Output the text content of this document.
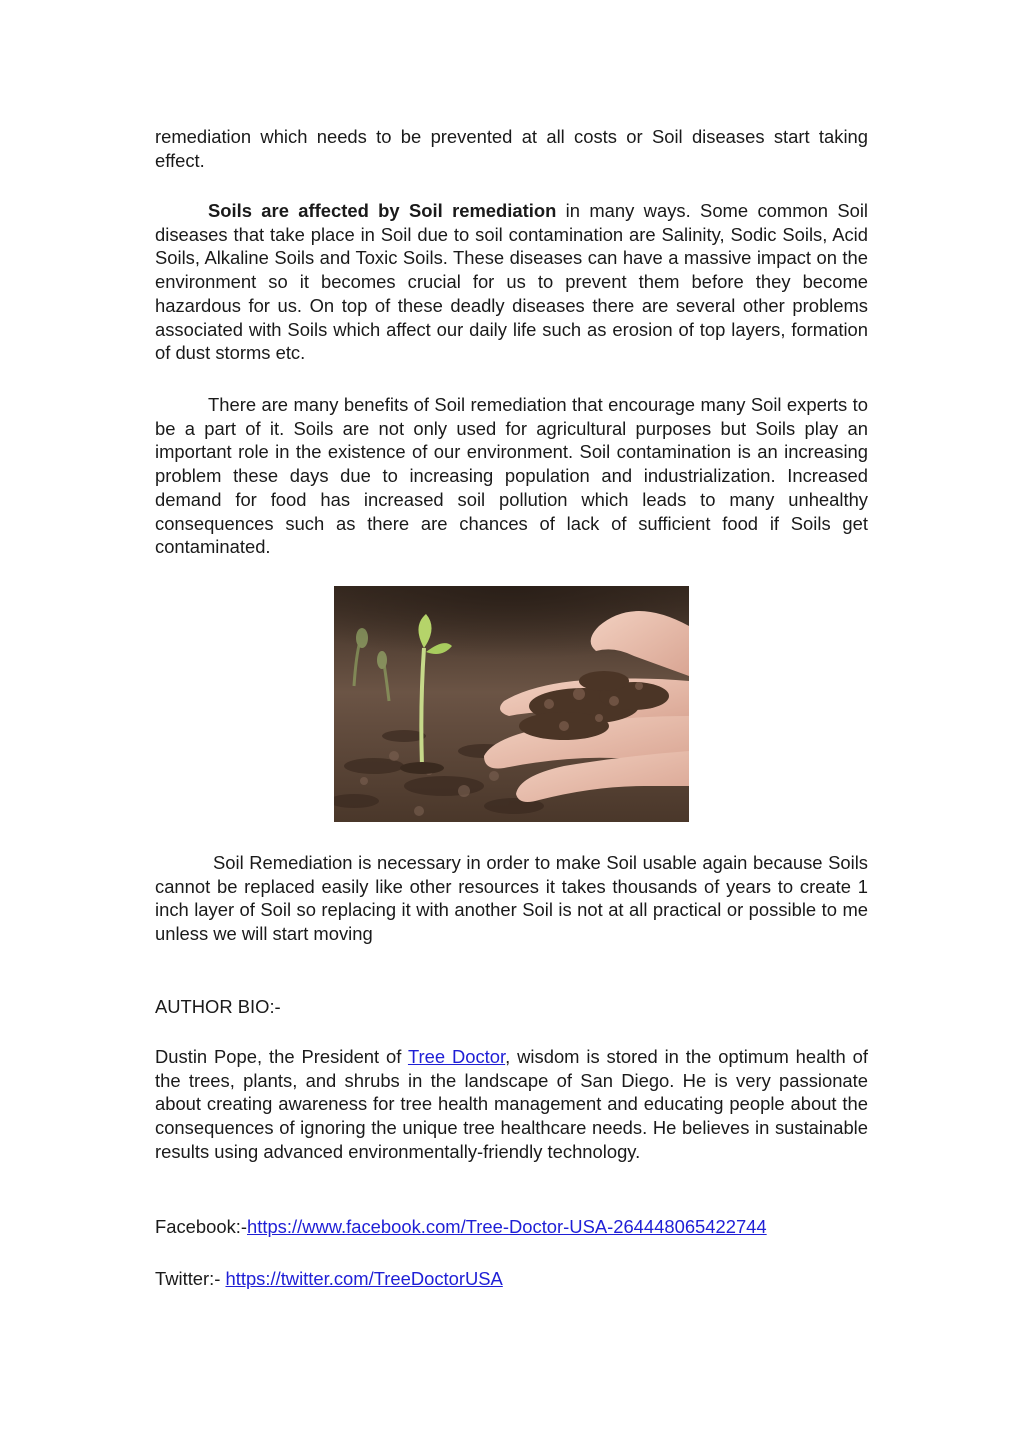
remediation which needs to be prevented at all costs or Soil diseases start taking effect.

Soils are affected by Soil remediation in many ways. Some common Soil diseases that take place in Soil due to soil contamination are Salinity, Sodic Soils, Acid Soils, Alkaline Soils and Toxic Soils. These diseases can have a massive impact on the environment so it becomes crucial for us to prevent them before they become hazardous for us. On top of these deadly diseases there are several other problems associated with Soils which affect our daily life such as erosion of top layers, formation of dust storms etc.

There are many benefits of Soil remediation that encourage many Soil experts to be a part of it. Soils are not only used for agricultural purposes but Soils play an important role in the existence of our environment. Soil contamination is an increasing problem these days due to increasing population and industrialization. Increased demand for food has increased soil pollution which leads to many unhealthy consequences such as there are chances of lack of sufficient food if Soils get contaminated.

Soil Remediation is necessary in order to make Soil usable again because Soils cannot be replaced easily like other resources it takes thousands of years to create 1 inch layer of Soil so replacing it with another Soil is not at all practical or possible to me unless we will start moving

AUTHOR BIO:-

Dustin Pope, the President of Tree Doctor, wisdom is stored in the optimum health of the trees, plants, and shrubs in the landscape of San Diego. He is very passionate about creating awareness for tree health management and educating people about the consequences of ignoring the unique tree healthcare needs. He believes in sustainable results using advanced environmentally-friendly technology.

Facebook:-https://www.facebook.com/Tree-Doctor-USA-264448065422744

Twitter:- https://twitter.com/TreeDoctorUSA
